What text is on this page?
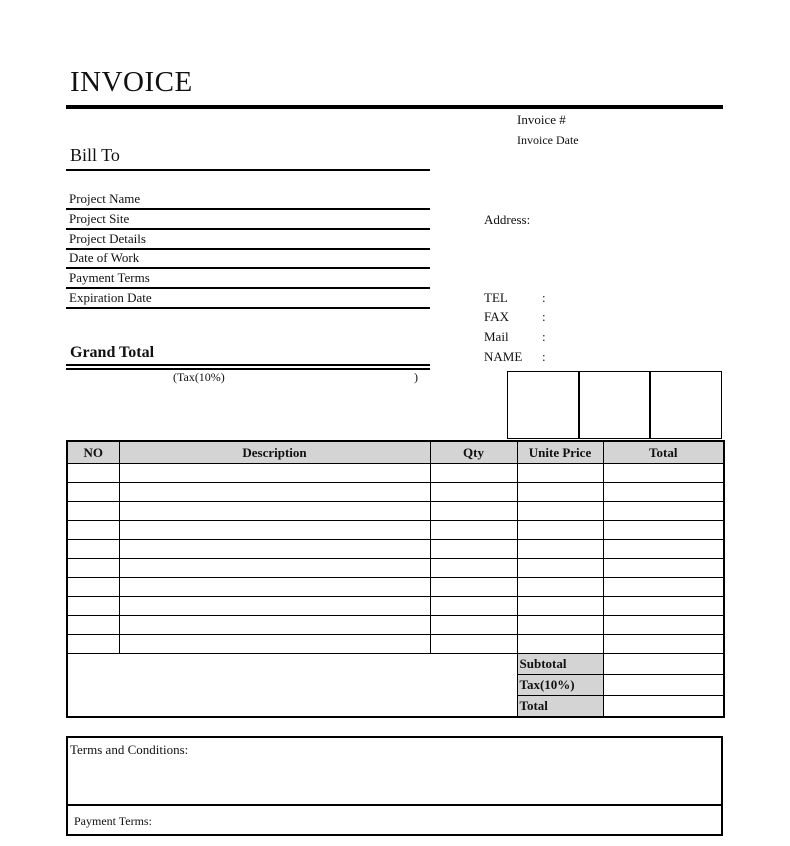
INVOICE
Invoice #
Invoice Date
Bill To
Project Name
Project Site
Project Details
Date of Work
Payment Terms
Expiration Date
Address:
TEL	:
FAX	:
Mail	:
NAME :
Grand Total
(Tax(10%)	)
NO	Description	Qty	Unite Price	Total

			Subtotal	
			Tax(10%)	
			Total	
Terms and Conditions:
Payment Terms:
